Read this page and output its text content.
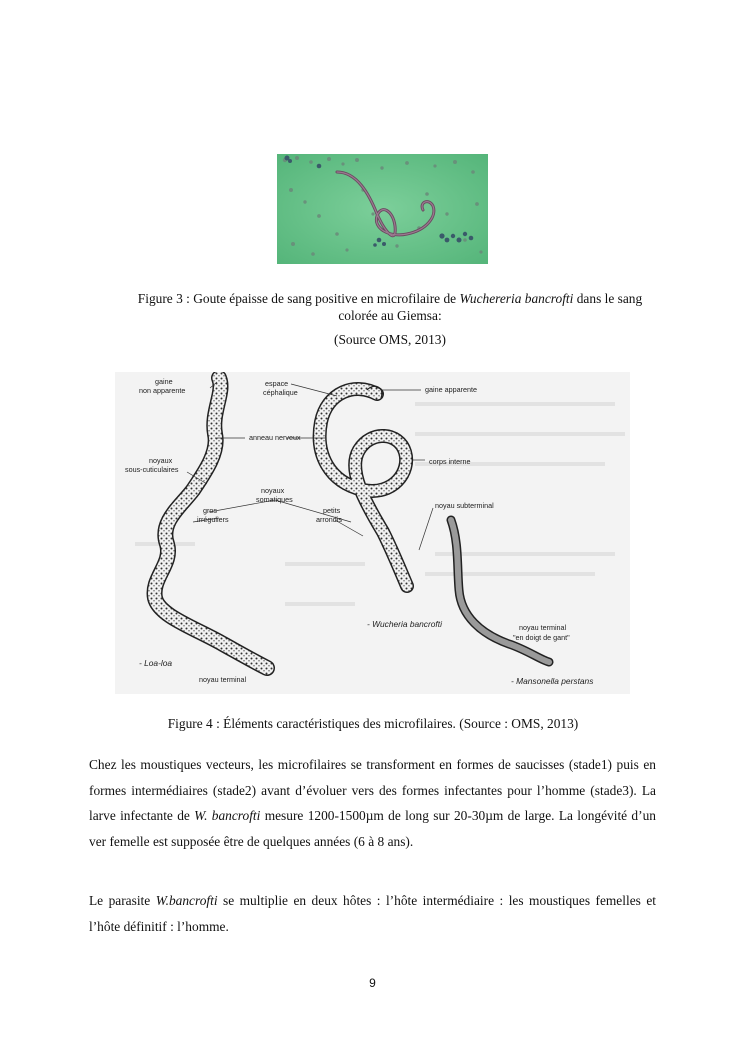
Figure 3 : Goute épaisse de sang positive en microfilaire de Wuchereria bancrofti dans le sang colorée au Giemsa:
(Source OMS, 2013)
gaine
non apparente
espace
céphalique	gaine apparente
anneau nerveux
corps interne
noyaux
sous-cuticulaires
noyaux
somatiques
gros
irréguliers
petits
arrondis
noyau subterminal
noyau terminal
"en doigt de gant"
noyau terminal
- Loa-loa
- Wucheria bancrofti
- Mansonella perstans
Figure 4 : Éléments caractéristiques des microfilaires. (Source : OMS, 2013)

Chez les moustiques vecteurs, les microfilaires se transforment en formes de saucisses (stade1) puis en formes intermédiaires (stade2) avant d’évoluer vers des formes infectantes pour l’homme (stade3). La larve infectante de W. bancrofti mesure 1200-1500µm de long sur 20-30µm de large. La longévité d’un ver femelle est supposée être de quelques années (6 à 8 ans).

Le parasite W.bancrofti se multiplie en deux hôtes : l’hôte intermédiaire : les moustiques femelles et l’hôte définitif : l’homme.

9
